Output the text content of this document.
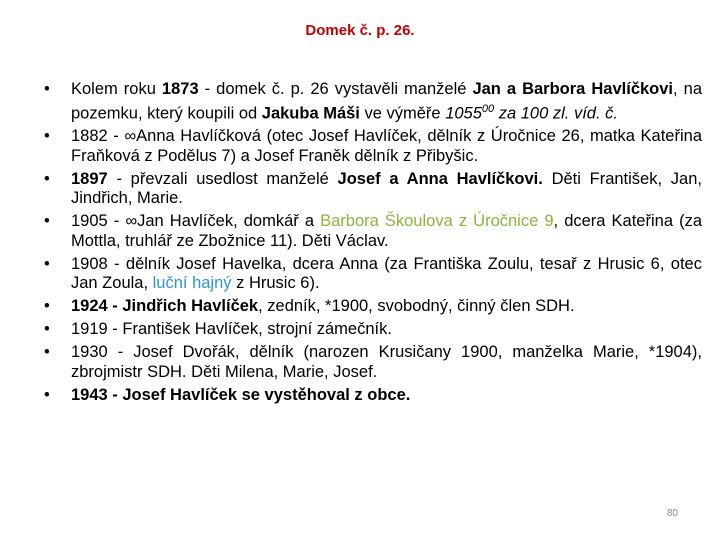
Domek č. p. 26.
• Kolem roku 1873 - domek č. p. 26 vystavěli manželé Jan a Barbora Havlíčkovi, na pozemku, který koupili od Jakuba Máši ve výměře 1055$^{00}$ za 100 zl. víd. č.
• 1882 - ∞Anna Havlíčková (otec Josef Havlíček, dělník z Úročnice 26, matka Kateřina Fraňková z Podělus 7) a Josef Franěk dělník z Přibyšic.
• 1897 - převzali usedlost manželé Josef a Anna Havlíčkovi. Děti František, Jan, Jindřich, Marie.
• 1905 - ∞Jan Havlíček, domkář a Barbora Škoulova z Úročnice 9, dcera Kateřina (za Mottla, truhlář ze Zbožnice 11). Děti Václav.
• 1908 - dělník Josef Havelka, dcera Anna (za Františka Zoulu, tesař z Hrusic 6, otec Jan Zoula, luční hajný z Hrusic 6).
• 1924 - Jindřich Havlíček, zedník, *1900, svobodný, činný člen SDH.
• 1919 - František Havlíček, strojní zámečník.
• 1930 - Josef Dvořák, dělník (narozen Krusičany 1900, manželka Marie, *1904), zbrojmistr SDH. Děti Milena, Marie, Josef.
• 1943 - Josef Havlíček se vystěhoval z obce.
80
